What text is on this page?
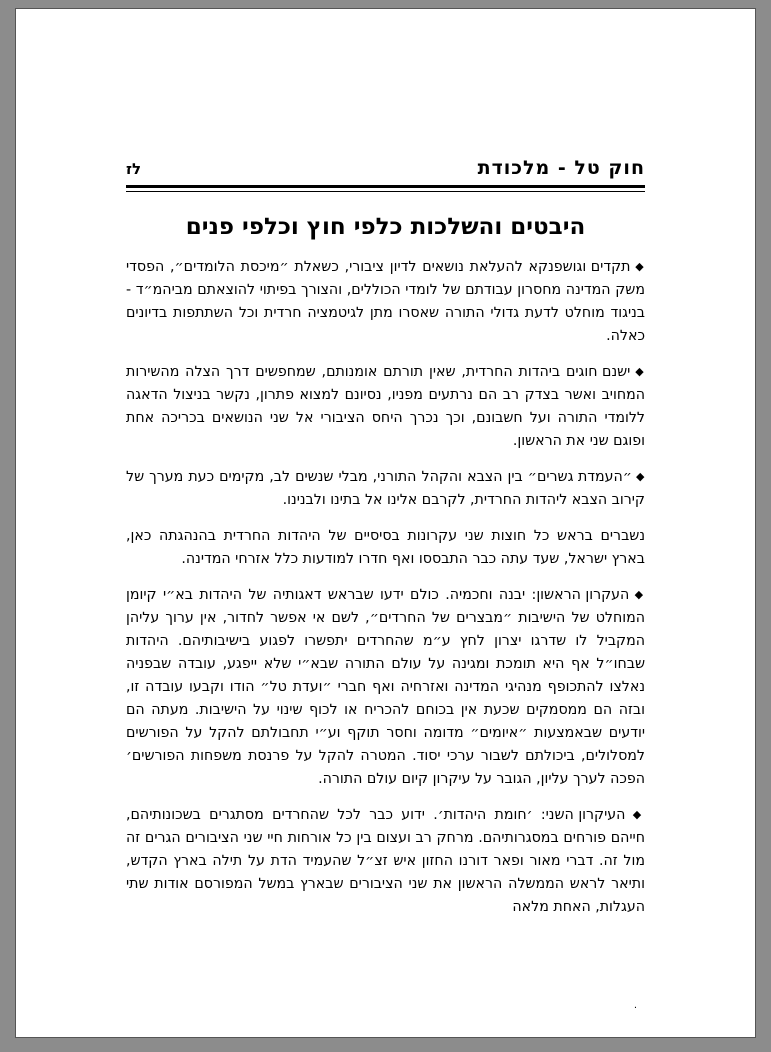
חוק טל - מלכודת
לז
היבטים והשלכות כלפי חוץ וכלפי פנים

◆ תקדים וגושפנקא להעלאת נושאים לדיון ציבורי, כשאלת ״מיכסת הלומדים״, הפסדי משק המדינה מחסרון עבודתם של לומדי הכוללים, והצורך בפיתוי להוצאתם מביהמ״ד - בניגוד מוחלט לדעת גדולי התורה שאסרו מתן לגיטמציה חרדית וכל השתתפות בדיונים כאלה.

◆ ישנם חוגים ביהדות החרדית, שאין תורתם אומנותם, שמחפשים דרך הצלה מהשירות המחויב ואשר בצדק רב הם נרתעים מפניו, נסיונם למצוא פתרון, נקשר בניצול הדאגה ללומדי התורה ועל חשבונם, וכך נכרך היחס הציבורי אל שני הנושאים בכריכה אחת ופוגם שני את הראשון.

◆ ״העמדת גשרים״ בין הצבא והקהל התורני, מבלי שנשים לב, מקימים כעת מערך של קירוב הצבא ליהדות החרדית, לקרבם אלינו אל בתינו ולבנינו.

נשברים בראש כל חוצות שני עקרונות בסיסיים של היהדות החרדית בהנהגתה כאן, בארץ ישראל, שעד עתה כבר התבססו ואף חדרו למודעות כלל אזרחי המדינה.

◆ העקרון הראשון: יבנה וחכמיה. כולם ידעו שבראש דאגותיה של היהדות בא״י קיומן המוחלט של הישיבות ״מבצרים של החרדים״, לשם אי אפשר לחדור, אין ערוך עליהן המקביל לו שדרגו יצרון לחץ ע״מ שהחרדים יתפשרו לפגוע בישיבותיהם. היהדות שבחו״ל אף היא תומכת ומגינה על עולם התורה שבא״י שלא ייפגע, עובדה שבפניה נאלצו להתכופף מנהיגי המדינה ואזרחיה ואף חברי ״ועדת טל״ הודו וקבעו עובדה זו, ובזה הם ממסמקים שכעת אין בכוחם להכריח או לכוף שינוי על הישיבות. מעתה הם יודעים שבאמצעות ״איומים״ מדומה וחסר תוקף וע״י תחבולתם להקל על הפורשים למסלולים, ביכולתם לשבור ערכי יסוד. המטרה להקל על פרנסת משפחות הפורשים׳ הפכה לערך עליון, הגובר על עיקרון קיום עולם התורה.

◆ העיקרון השני: ׳חומת היהדות׳. ידוע כבר לכל שהחרדים מסתגרים בשכונותיהם, חייהם פורחים במסגרותיהם. מרחק רב ועצום בין כל אורחות חיי שני הציבורים הגרים זה מול זה. דברי מאור ופאר דורנו החזון איש זצ״ל שהעמיד הדת על תילה בארץ הקדש, ותיאר לראש הממשלה הראשון את שני הציבורים שבארץ במשל המפורסם אודות שתי העגלות, האחת מלאה

.
